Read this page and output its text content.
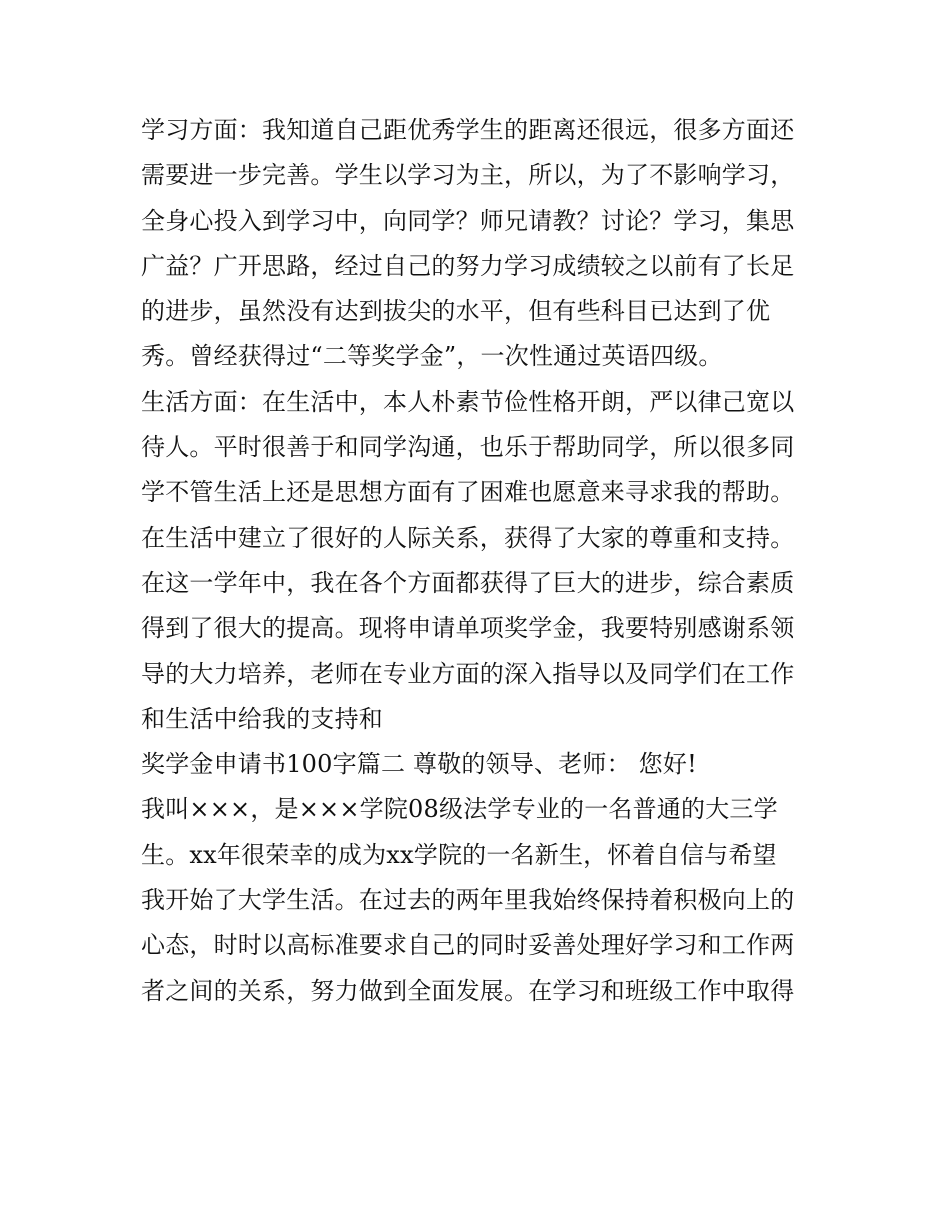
学习方面：我知道自己距优秀学生的距离还很远，很多方面还
需要进一步完善。学生以学习为主，所以，为了不影响学习，
全身心投入到学习中，向同学？师兄请教？讨论？学习，集思
广益？广开思路，经过自己的努力学习成绩较之以前有了长足
的进步，虽然没有达到拔尖的水平，但有些科目已达到了优
秀。曾经获得过“二等奖学金”，一次性通过英语四级。
生活方面：在生活中，本人朴素节俭性格开朗，严以律己宽以
待人。平时很善于和同学沟通，也乐于帮助同学，所以很多同
学不管生活上还是思想方面有了困难也愿意来寻求我的帮助。
在生活中建立了很好的人际关系，获得了大家的尊重和支持。
在这一学年中，我在各个方面都获得了巨大的进步，综合素质
得到了很大的提高。现将申请单项奖学金，我要特别感谢系领
导的大力培养，老师在专业方面的深入指导以及同学们在工作
和生活中给我的支持和
奖学金申请书100字篇二 尊敬的领导、老师： 您好!
我叫×××，是×××学院08级法学专业的一名普通的大三学
生。xx年很荣幸的成为xx学院的一名新生，怀着自信与希望
我开始了大学生活。在过去的两年里我始终保持着积极向上的
心态，时时以高标准要求自己的同时妥善处理好学习和工作两
者之间的关系，努力做到全面发展。在学习和班级工作中取得
